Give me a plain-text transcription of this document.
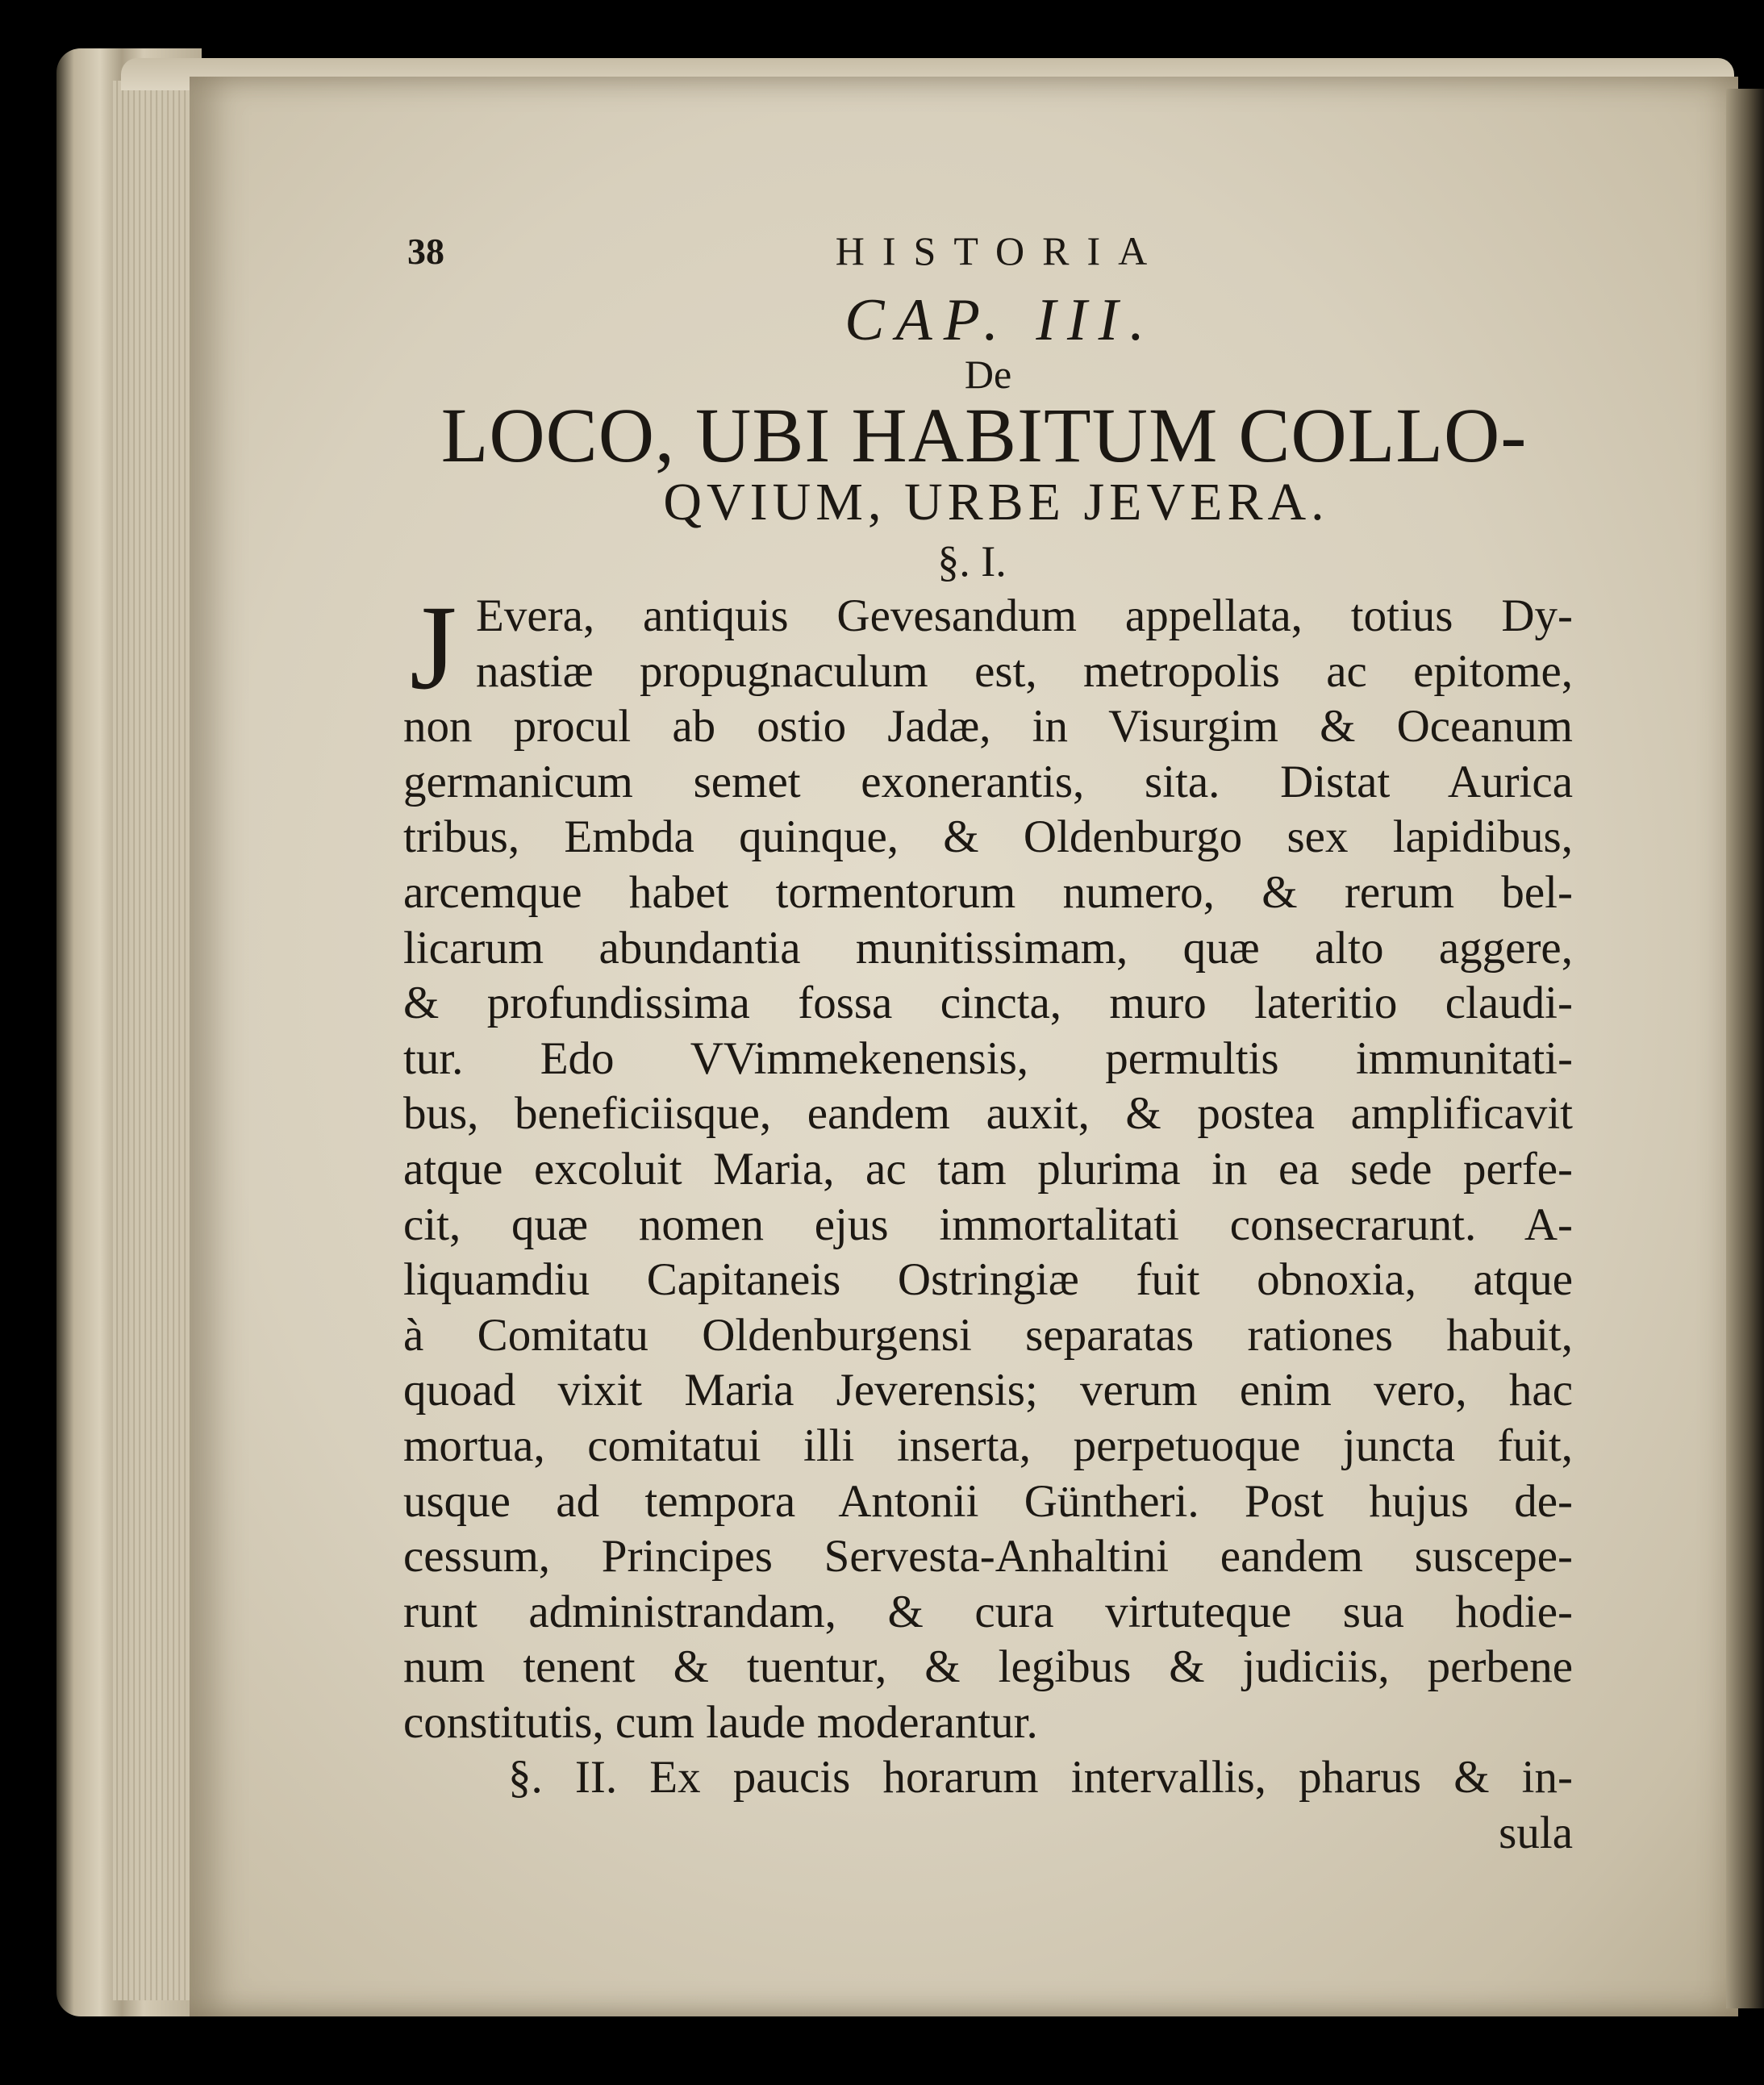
38	HISTORIA
CAP. III.
De
LOCO, UBI HABITUM COLLO-
QVIUM, URBE JEVERA.
§. I.
J Evera, antiquis Gevesandum appellata, totius Dy-
nastiæ propugnaculum est, metropolis ac epitome,
non procul ab ostio Jadæ, in Visurgim & Oceanum
germanicum semet exonerantis, sita. Distat Aurica
tribus, Embda quinque, & Oldenburgo sex lapidibus,
arcemque habet tormentorum numero, & rerum bel-
licarum abundantia munitissimam, quæ alto aggere,
& profundissima fossa cincta, muro lateritio claudi-
tur. Edo VVimmekenensis, permultis immunitati-
bus, beneficiisque, eandem auxit, & postea amplificavit
atque excoluit Maria, ac tam plurima in ea sede perfe-
cit, quæ nomen ejus immortalitati consecrarunt. A-
liquamdiu Capitaneis Ostringiæ fuit obnoxia, atque
à Comitatu Oldenburgensi separatas rationes habuit,
quoad vixit Maria Jeverensis; verum enim vero, hac
mortua, comitatui illi inserta, perpetuoque juncta fuit,
usque ad tempora Antonii Güntheri. Post hujus de-
cessum, Principes Servesta-Anhaltini eandem suscepe-
runt administrandam, & cura virtuteque sua hodie-
num tenent & tuentur, & legibus & judiciis, perbene
constitutis, cum laude moderantur.
§. II. Ex paucis horarum intervallis, pharus & in-
sula
